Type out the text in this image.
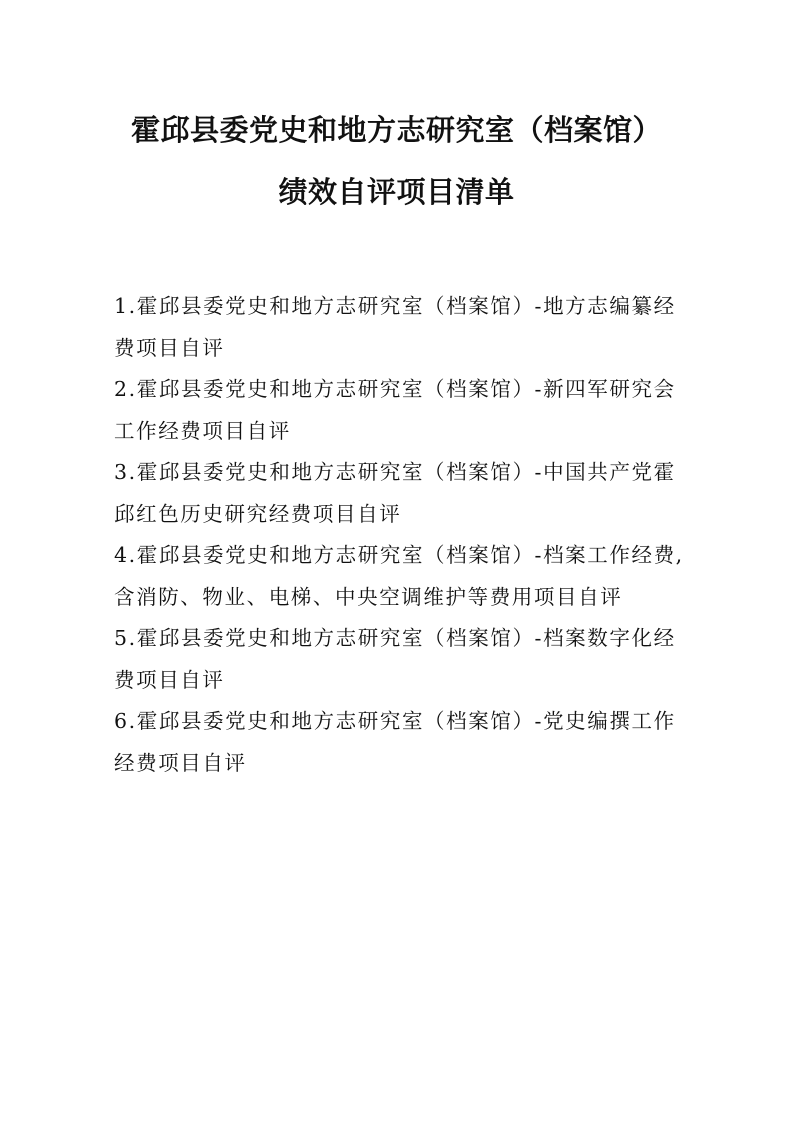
霍邱县委党史和地方志研究室（档案馆）
绩效自评项目清单
1.霍邱县委党史和地方志研究室（档案馆）-地方志编纂经
费项目自评
2.霍邱县委党史和地方志研究室（档案馆）-新四军研究会
工作经费项目自评
3.霍邱县委党史和地方志研究室（档案馆）-中国共产党霍
邱红色历史研究经费项目自评
4.霍邱县委党史和地方志研究室（档案馆）-档案工作经费,
含消防、物业、电梯、中央空调维护等费用项目自评
5.霍邱县委党史和地方志研究室（档案馆）-档案数字化经
费项目自评
6.霍邱县委党史和地方志研究室（档案馆）-党史编撰工作
经费项目自评
